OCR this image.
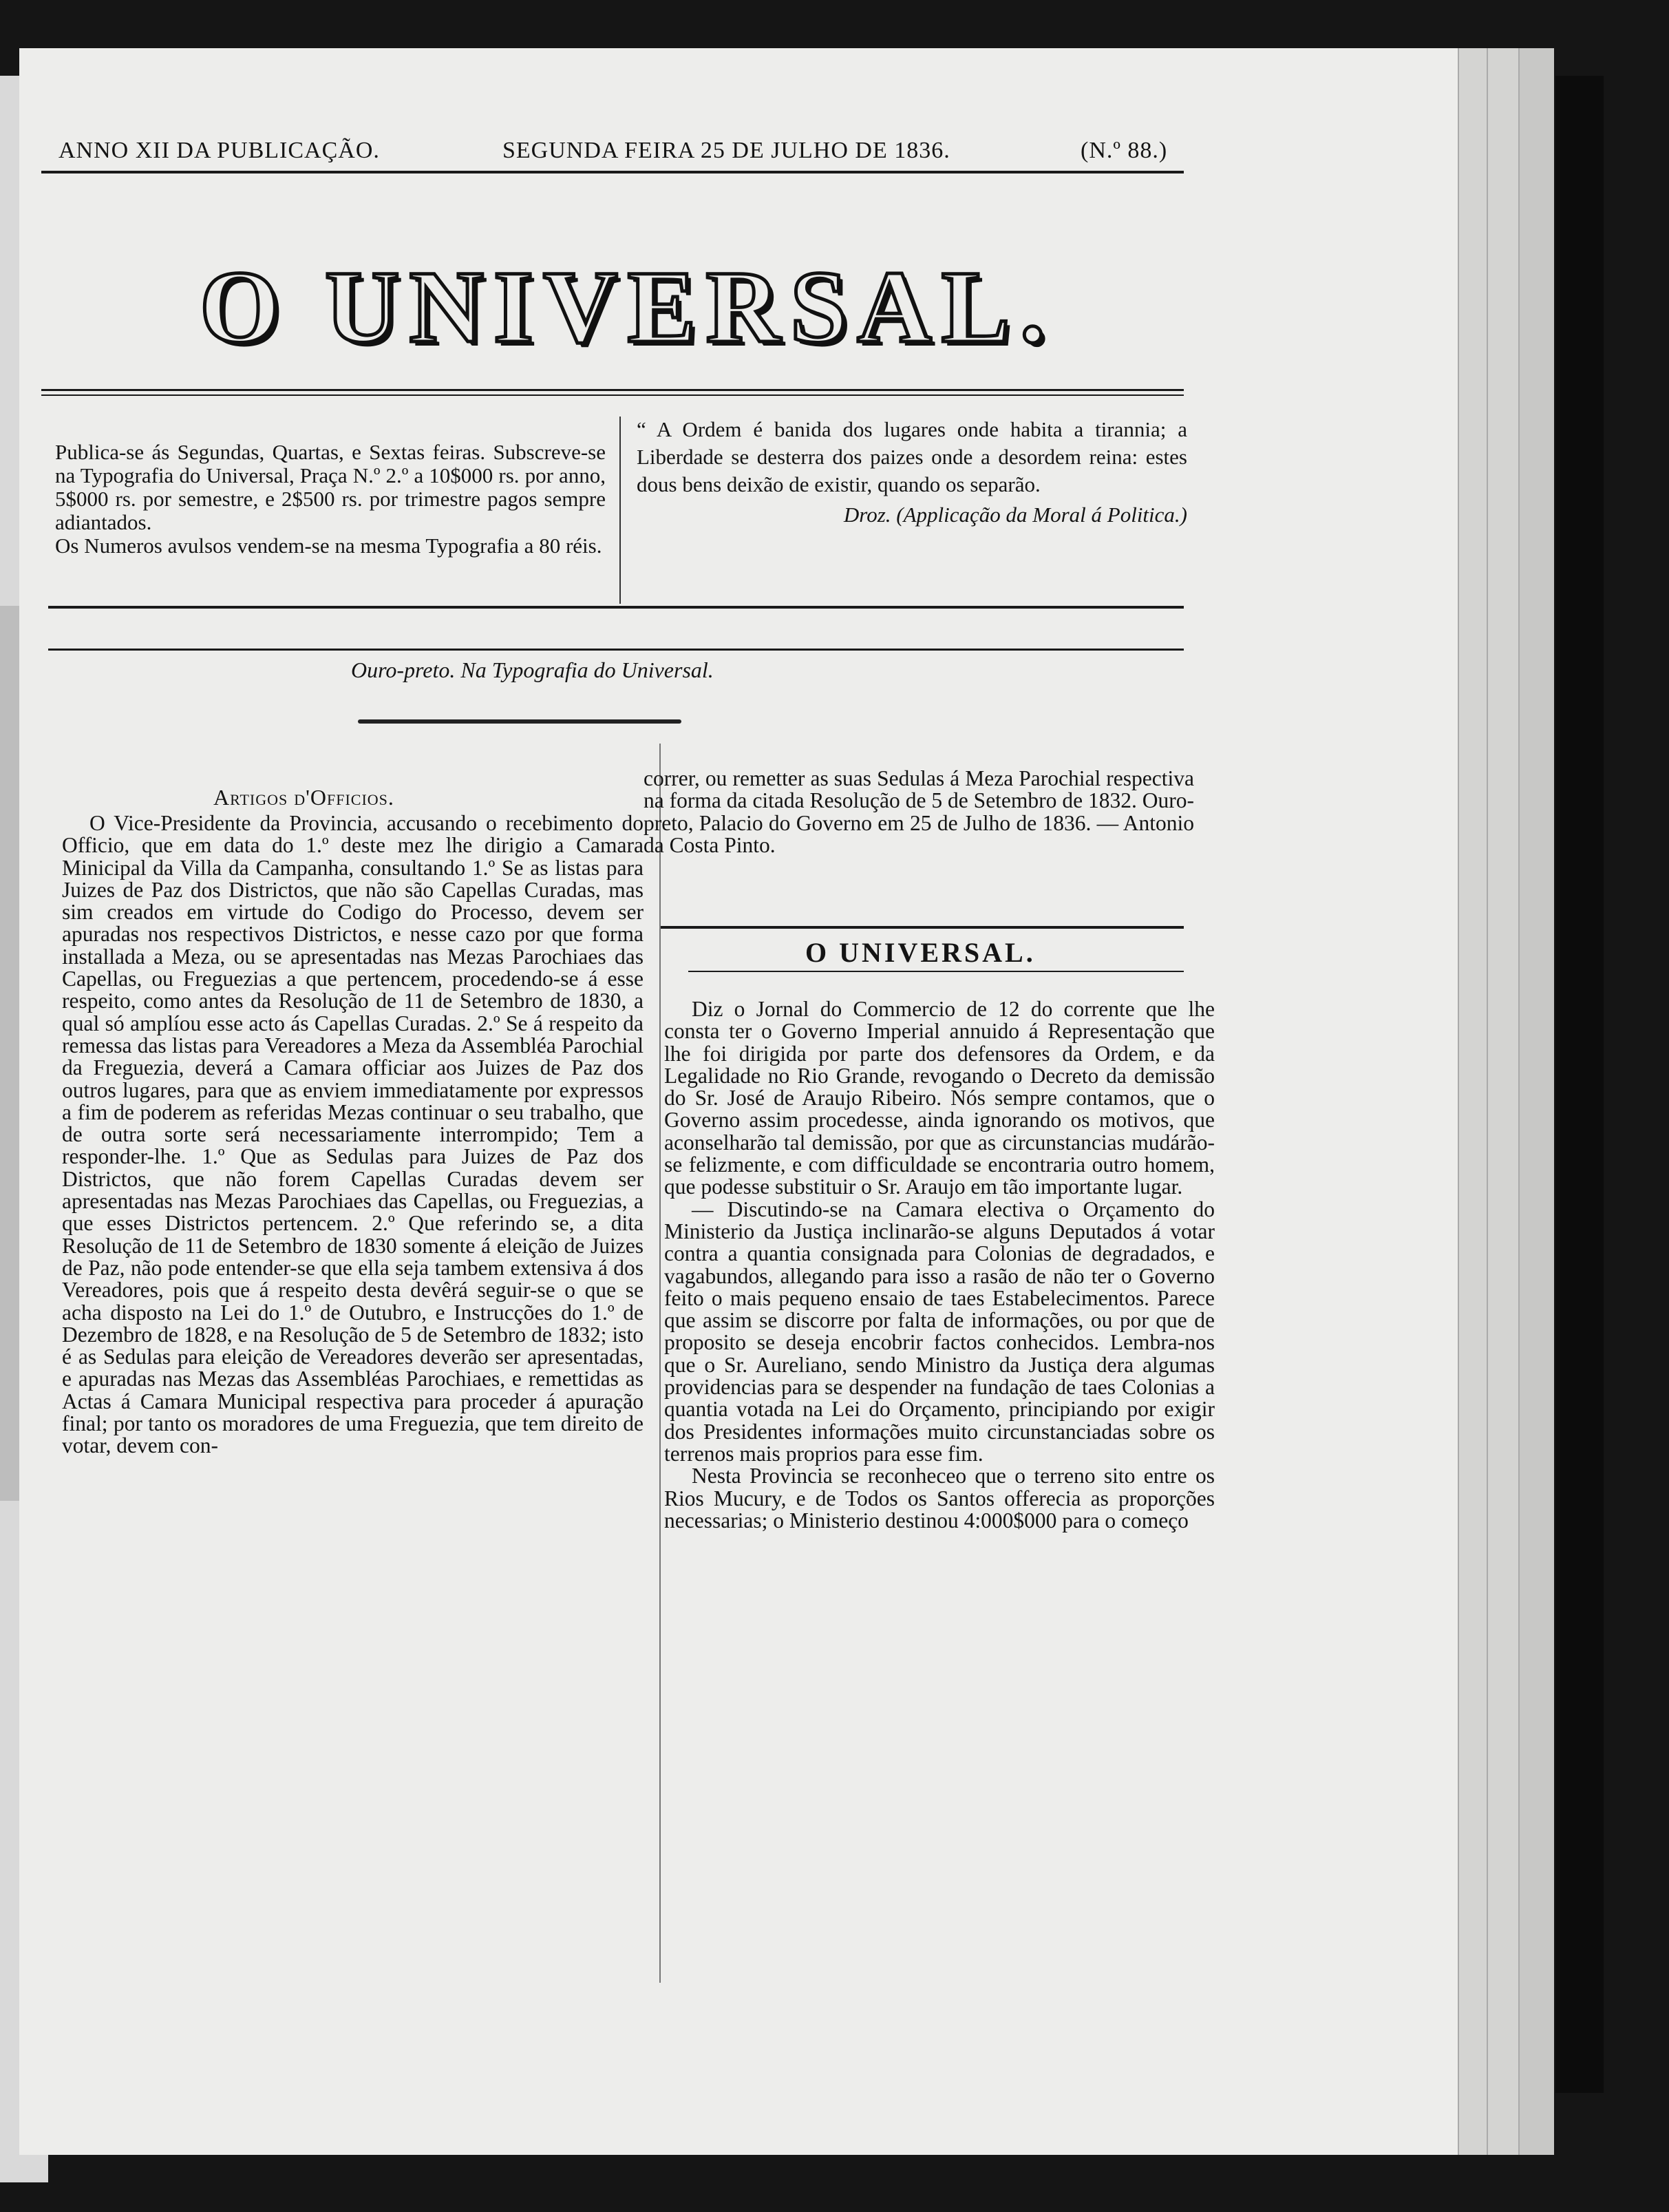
ANNO XII DA PUBLICAÇÃO.	SEGUNDA FEIRA 25 DE JULHO DE 1836.	(N.º 88.)
O UNIVERSAL.
Publica-se ás Segundas, Quartas, e Sextas feiras. Subscreve-se na Typografia do Universal, Praça N.º 2.º a 10$000 rs. por anno, 5$000 rs. por semestre, e 2$500 rs. por trimestre pagos sempre adiantados.
Os Numeros avulsos vendem-se na mesma Typografia a 80 réis.
“ A Ordem é banida dos lugares onde habita a tirannia; a Liberdade se desterra dos paizes onde a desordem reina: estes dous bens deixão de existir, quando os separão.
Droz. (Applicação da Moral á Politica.)
Ouro-preto. Na Typografia do Universal.
Artigos d'Officios.

O Vice-Presidente da Provincia, accusando o recebimento do Officio, que em data do 1.º deste mez lhe dirigio a Camara Minicipal da Villa da Campanha, consultando 1.º Se as listas para Juizes de Paz dos Districtos, que não são Capellas Curadas, mas sim creados em virtude do Codigo do Processo, devem ser apuradas nos respectivos Districtos, e nesse cazo por que forma installada a Meza, ou se apresentadas nas Mezas Parochiaes das Capellas, ou Freguezias a que pertencem, procedendo-se á esse respeito, como antes da Resolução de 11 de Setembro de 1830, a qual só amplíou esse acto ás Capellas Curadas. 2.º Se á respeito da remessa das listas para Vereadores a Meza da Assembléa Parochial da Freguezia, deverá a Camara officiar aos Juizes de Paz dos outros lugares, para que as enviem immediatamente por expressos a fim de poderem as referidas Mezas continuar o seu trabalho, que de outra sorte será necessariamente interrompido; Tem a responder-lhe. 1.º Que as Sedulas para Juizes de Paz dos Districtos, que não forem Capellas Curadas devem ser apresentadas nas Mezas Parochiaes das Capellas, ou Freguezias, a que esses Districtos pertencem. 2.º Que referindo se, a dita Resolução de 11 de Setembro de 1830 somente á eleição de Juizes de Paz, não pode entender-se que ella seja tambem extensiva á dos Vereadores, pois que á respeito desta devêrá seguir-se o que se acha disposto na Lei do 1.º de Outubro, e Instrucções do 1.º de Dezembro de 1828, e na Resolução de 5 de Setembro de 1832; isto é as Sedulas para eleição de Vereadores deverão ser apresentadas, e apuradas nas Mezas das Assembléas Parochiaes, e remettidas as Actas á Camara Municipal respectiva para proceder á apuração final; por tanto os moradores de uma Freguezia, que tem direito de votar, devem con-

correr, ou remetter as suas Sedulas á Meza Parochial respectiva na forma da citada Resolução de 5 de Setembro de 1832. Ouro-preto, Palacio do Governo em 25 de Julho de 1836. — Antonio da Costa Pinto.

O UNIVERSAL.

Diz o Jornal do Commercio de 12 do corrente que lhe consta ter o Governo Imperial annuido á Representação que lhe foi dirigida por parte dos defensores da Ordem, e da Legalidade no Rio Grande, revogando o Decreto da demissão do Sr. José de Araujo Ribeiro. Nós sempre contamos, que o Governo assim procedesse, ainda ignorando os motivos, que aconselharão tal demissão, por que as circunstancias mudárão-se felizmente, e com difficuldade se encontraria outro homem, que podesse substituir o Sr. Araujo em tão importante lugar.

— Discutindo-se na Camara electiva o Orçamento do Ministerio da Justiça inclinarão-se alguns Deputados á votar contra a quantia consignada para Colonias de degradados, e vagabundos, allegando para isso a rasão de não ter o Governo feito o mais pequeno ensaio de taes Estabelecimentos. Parece que assim se discorre por falta de informações, ou por que de proposito se deseja encobrir factos conhecidos. Lembra-nos que o Sr. Aureliano, sendo Ministro da Justiça dera algumas providencias para se despender na fundação de taes Colonias a quantia votada na Lei do Orçamento, principiando por exigir dos Presidentes informações muito circunstanciadas sobre os terrenos mais proprios para esse fim.

Nesta Provincia se reconheceo que o terreno sito entre os Rios Mucury, e de Todos os Santos offerecia as proporções necessarias; o Ministerio destinou 4:000$000 para o começo
